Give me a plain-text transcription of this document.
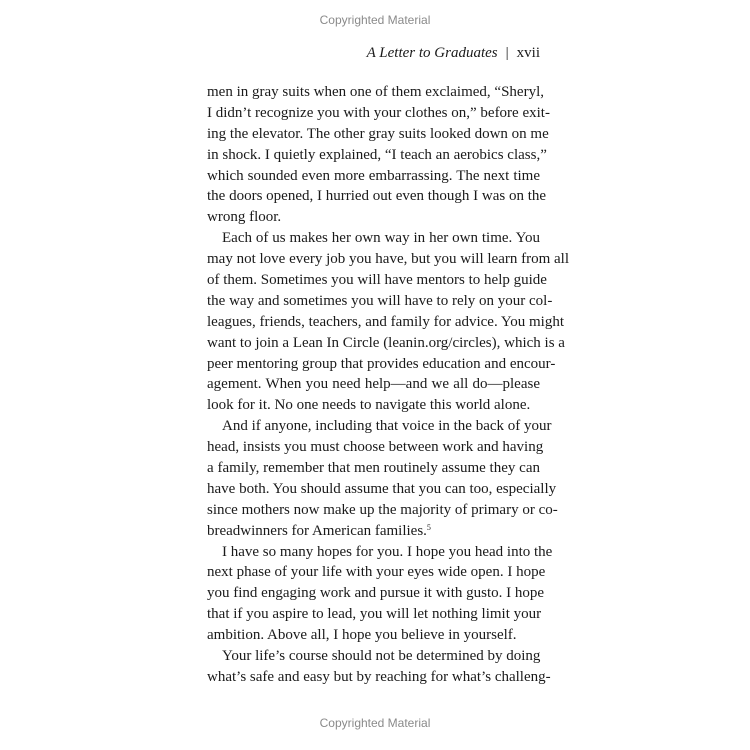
Copyrighted Material
A Letter to Graduates | xvii
men in gray suits when one of them exclaimed, “Sheryl,
I didn’t recognize you with your clothes on,” before exit-
ing the elevator. The other gray suits looked down on me
in shock. I quietly explained, “I teach an aerobics class,”
which sounded even more embarrassing. The next time
the doors opened, I hurried out even though I was on the
wrong floor.
Each of us makes her own way in her own time. You
may not love every job you have, but you will learn from all
of them. Sometimes you will have mentors to help guide
the way and sometimes you will have to rely on your col-
leagues, friends, teachers, and family for advice. You might
want to join a Lean In Circle (leanin.org/circles), which is a
peer mentoring group that provides education and encour-
agement. When you need help—and we all do—please
look for it. No one needs to navigate this world alone.
And if anyone, including that voice in the back of your
head, insists you must choose between work and having
a family, remember that men routinely assume they can
have both. You should assume that you can too, especially
since mothers now make up the majority of primary or co-
breadwinners for American families.$^5$
I have so many hopes for you. I hope you head into the
next phase of your life with your eyes wide open. I hope
you find engaging work and pursue it with gusto. I hope
that if you aspire to lead, you will let nothing limit your
ambition. Above all, I hope you believe in yourself.
Your life’s course should not be determined by doing
what’s safe and easy but by reaching for what’s challeng-
Copyrighted Material
